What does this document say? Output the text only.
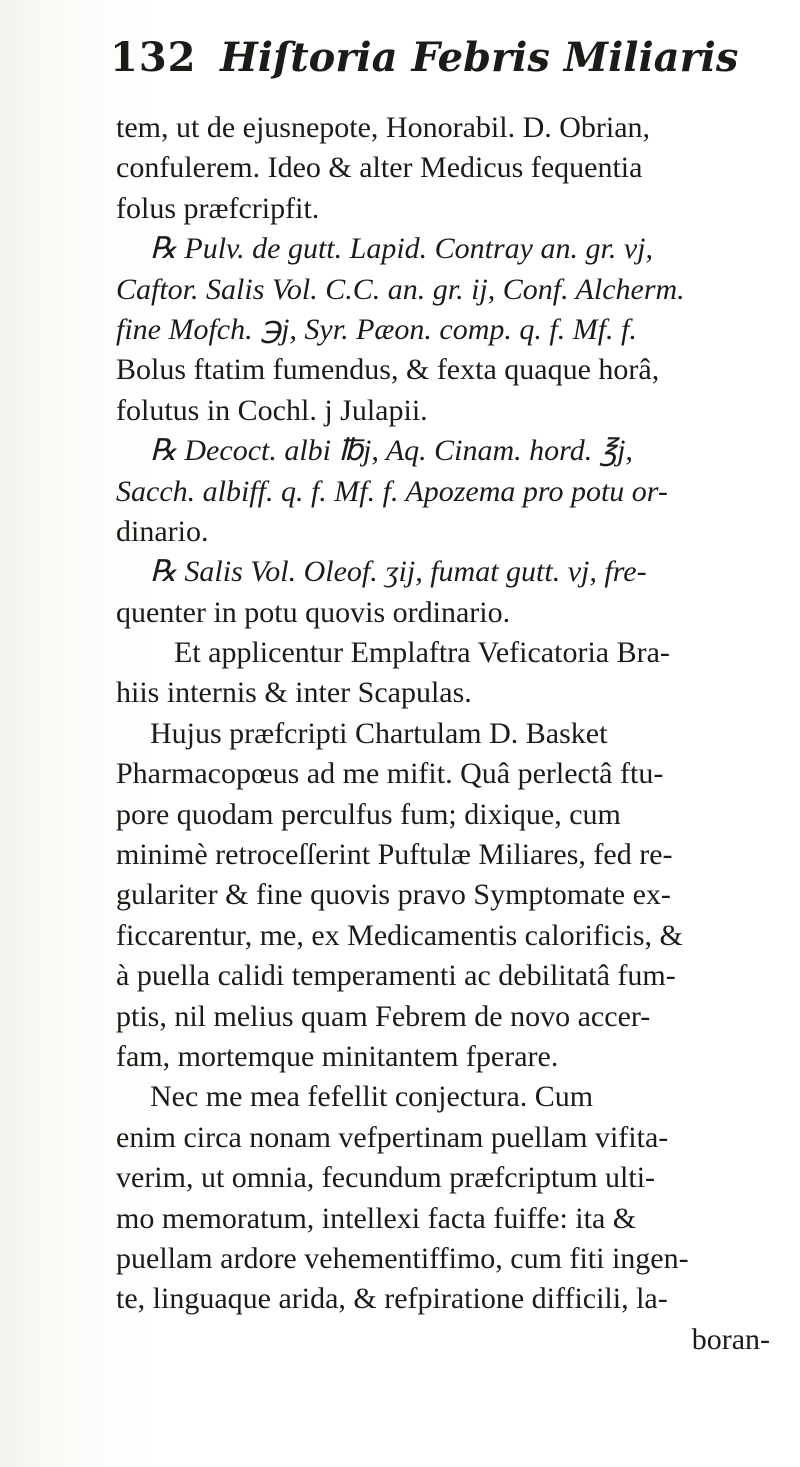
132 Hiſtoria Febris Miliaris
tem, ut de ejusnepote, Honorabil. D. Obrian,
confulerem. Ideo & alter Medicus fequentia
folus præfcripfit.
℞ Pulv. de gutt. Lapid. Contray an. gr. vj,
Caftor. Salis Vol. C.C. an. gr. ij, Conf. Alcherm.
fine Mofch. ℈j, Syr. Pæon. comp. q. f. Mf. f.
Bolus ftatim fumendus, & fexta quaque horâ,
folutus in Cochl. j Julapii.
℞ Decoct. albi ℔j, Aq. Cinam. hord. ℥j,
Sacch. albiff. q. f. Mf. f. Apozema pro potu or-
dinario.
℞ Salis Vol. Oleof. ʒij, fumat gutt. vj, fre-
quenter in potu quovis ordinario.
Et applicentur Emplaftra Veficatoria Bra-
hiis internis & inter Scapulas.
Hujus præfcripti Chartulam D. Basket
Pharmacopœus ad me mifit. Quâ perlectâ ftu-
pore quodam perculfus fum; dixique, cum
minimè retroceſſerint Puftulæ Miliares, fed re-
gulariter & fine quovis pravo Symptomate ex-
ficcarentur, me, ex Medicamentis calorificis, &
à puella calidi temperamenti ac debilitatâ fum-
ptis, nil melius quam Febrem de novo accer-
fam, mortemque minitantem fperare.
Nec me mea fefellit conjectura. Cum
enim circa nonam vefpertinam puellam vifita-
verim, ut omnia, fecundum præfcriptum ulti-
mo memoratum, intellexi facta fuiffe: ita &
puellam ardore vehementiffimo, cum fiti ingen-
te, linguaque arida, & refpiratione difficili, la-
boran-
